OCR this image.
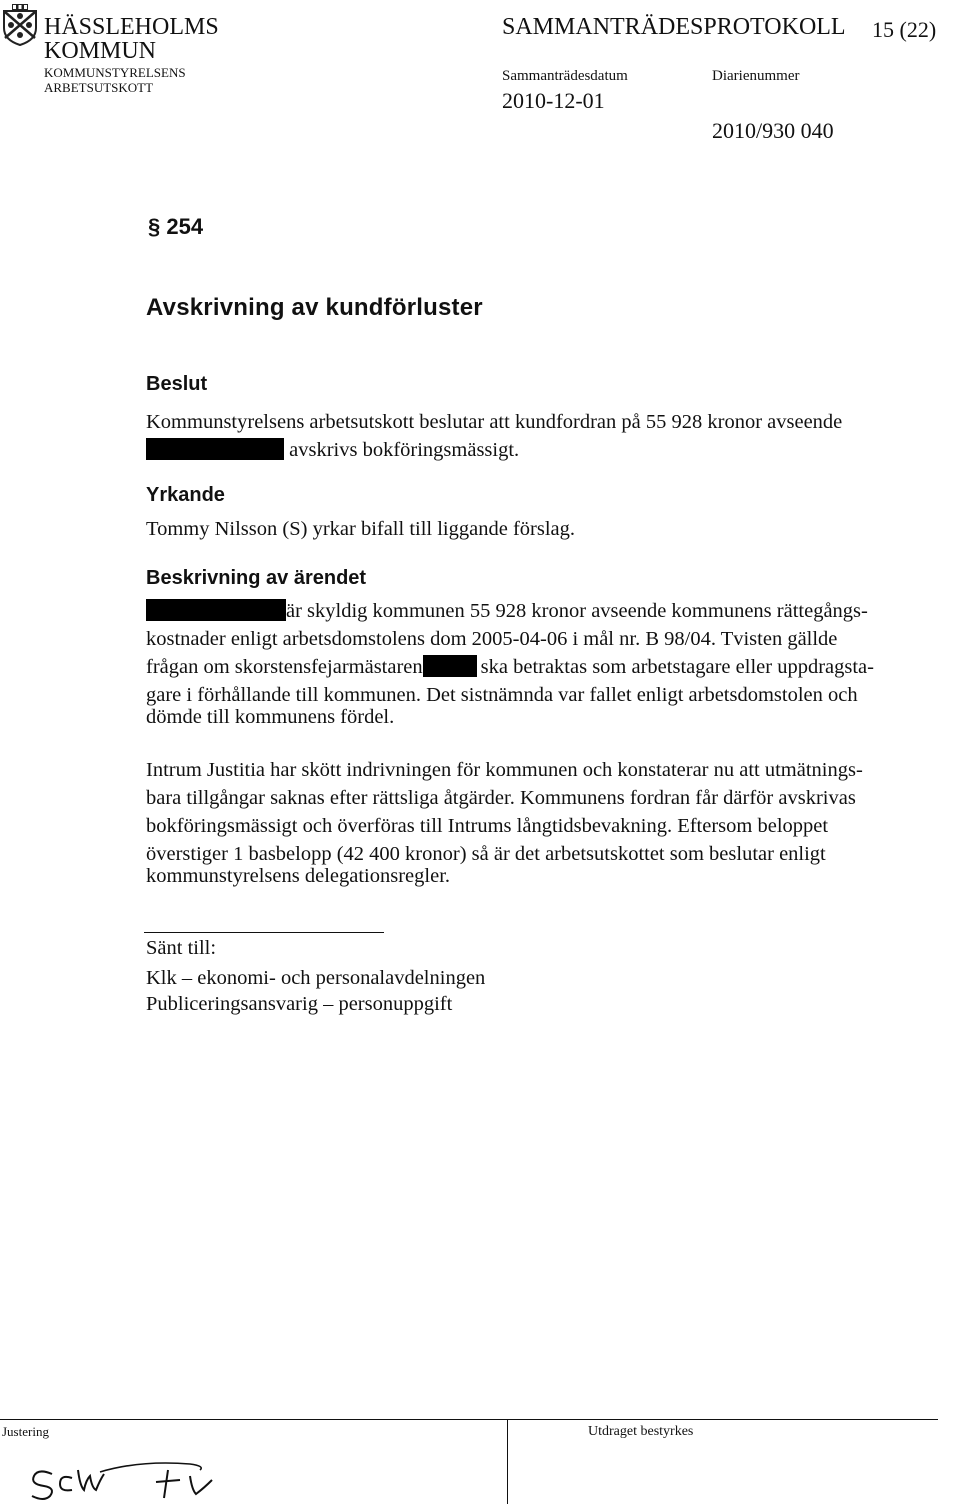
HÄSSLEHOLMS
KOMMUN
KOMMUNSTYRELSENS
ARBETSUTSKOTT
SAMMANTRÄDESPROTOKOLL 15 (22)
Sammanträdesdatum
2010-12-01
Diarienummer
2010/930 040
§ 254
Avskrivning av kundförluster
Beslut
Kommunstyrelsens arbetsutskott beslutar att kundfordran på 55 928 kronor avseende
avskrivs bokföringsmässigt.
Yrkande
Tommy Nilsson (S) yrkar bifall till liggande förslag.
Beskrivning av ärendet
är skyldig kommunen 55 928 kronor avseende kommunens rättegångs-
kostnader enligt arbetsdomstolens dom 2005-04-06 i mål nr. B 98/04. Tvisten gällde
frågan om skorstensfejarmästaren	ska betraktas som arbetstagare eller uppdragsta-
gare i förhållande till kommunen. Det sistnämnda var fallet enligt arbetsdomstolen och
dömde till kommunens fördel.
Intrum Justitia har skött indrivningen för kommunen och konstaterar nu att utmätnings-
bara tillgångar saknas efter rättsliga åtgärder. Kommunens fordran får därför avskrivas
bokföringsmässigt och överföras till Intrums långtidsbevakning. Eftersom beloppet
överstiger 1 basbelopp (42 400 kronor) så är det arbetsutskottet som beslutar enligt
kommunstyrelsens delegationsregler.
Sänt till:
Klk – ekonomi- och personalavdelningen
Publiceringsansvarig – personuppgift
Justering	Utdraget bestyrkes
